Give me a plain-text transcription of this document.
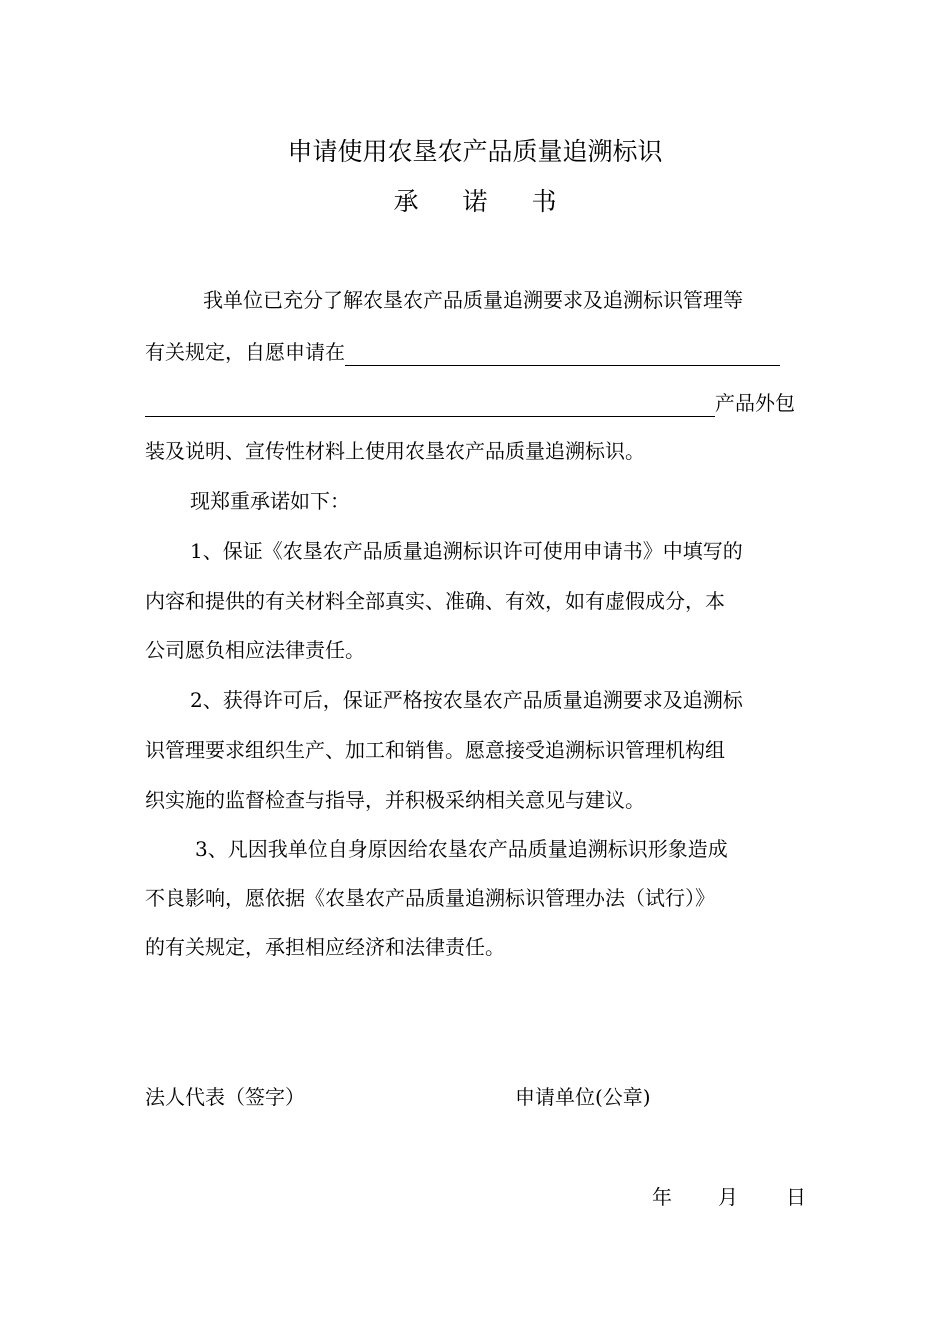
申请使用农垦农产品质量追溯标识
承 诺 书
我单位已充分了解农垦农产品质量追溯要求及追溯标识管理等
有关规定，自愿申请在
产品外包
装及说明、宣传性材料上使用农垦农产品质量追溯标识。
现郑重承诺如下：
1、保证《农垦农产品质量追溯标识许可使用申请书》中填写的
内容和提供的有关材料全部真实、准确、有效，如有虚假成分，本
公司愿负相应法律责任。
2、获得许可后，保证严格按农垦农产品质量追溯要求及追溯标
识管理要求组织生产、加工和销售。愿意接受追溯标识管理机构组
织实施的监督检查与指导，并积极采纳相关意见与建议。
3、凡因我单位自身原因给农垦农产品质量追溯标识形象造成
不良影响，愿依据《农垦农产品质量追溯标识管理办法（试行）》
的有关规定，承担相应经济和法律责任。
法人代表（签字）	申请单位(公章)
年 月 日
